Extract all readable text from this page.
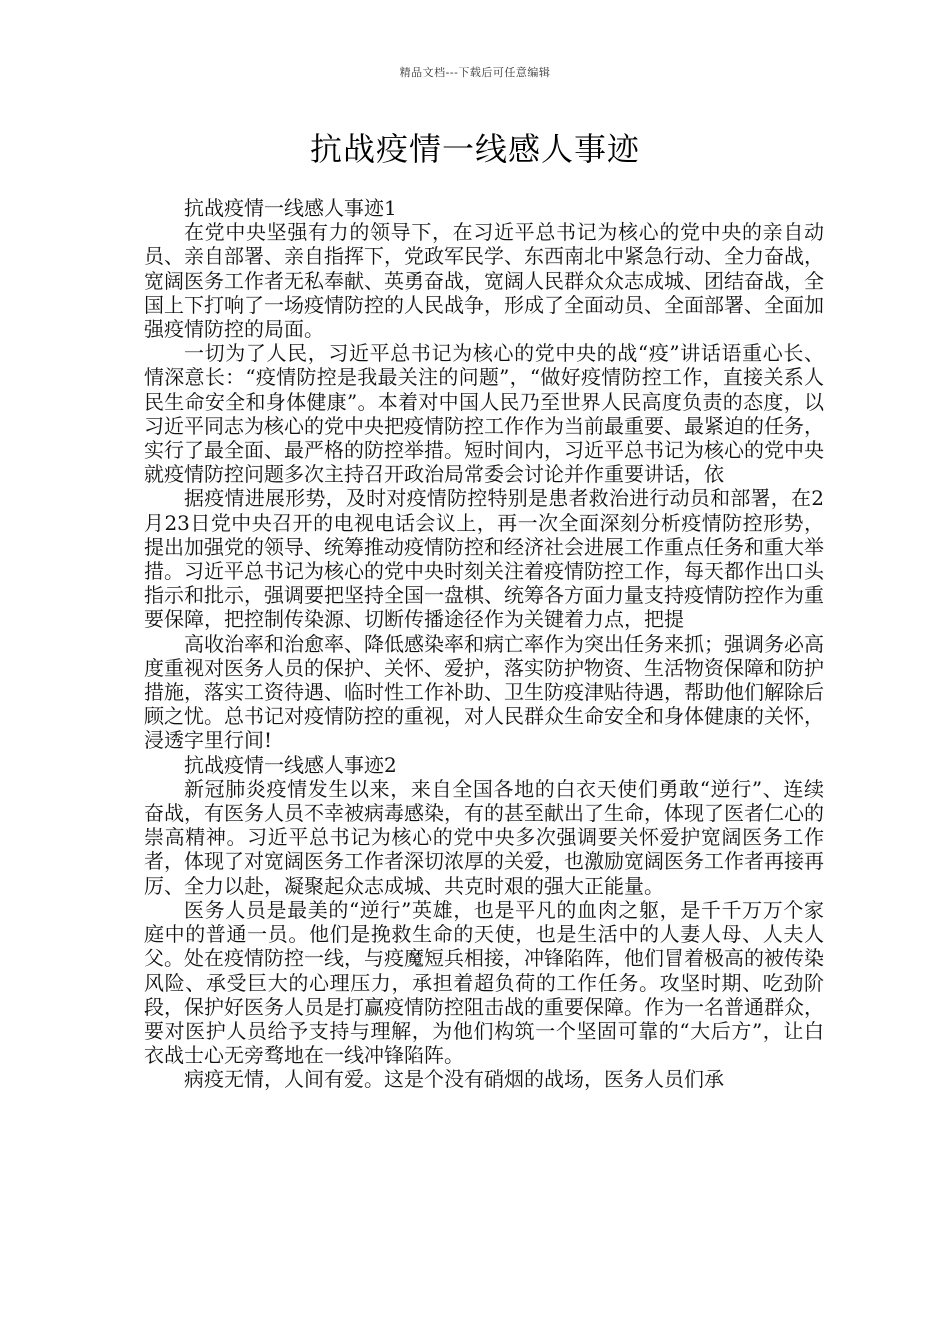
精品文档---下载后可任意编辑
抗战疫情一线感人事迹

抗战疫情一线感人事迹1

在党中央坚强有力的领导下，在习近平总书记为核心的党中央的亲自动员、亲自部署、亲自指挥下，党政军民学、东西南北中紧急行动、全力奋战，宽阔医务工作者无私奉献、英勇奋战，宽阔人民群众众志成城、团结奋战，全国上下打响了一场疫情防控的人民战争，形成了全面动员、全面部署、全面加强疫情防控的局面。

一切为了人民，习近平总书记为核心的党中央的战“疫”讲话语重心长、情深意长：“疫情防控是我最关注的问题”，“做好疫情防控工作，直接关系人民生命安全和身体健康”。本着对中国人民乃至世界人民高度负责的态度，以习近平同志为核心的党中央把疫情防控工作作为当前最重要、最紧迫的任务，实行了最全面、最严格的防控举措。短时间内，习近平总书记为核心的党中央就疫情防控问题多次主持召开政治局常委会讨论并作重要讲话，依

据疫情进展形势，及时对疫情防控特别是患者救治进行动员和部署，在2月23日党中央召开的电视电话会议上，再一次全面深刻分析疫情防控形势，提出加强党的领导、统筹推动疫情防控和经济社会进展工作重点任务和重大举措。习近平总书记为核心的党中央时刻关注着疫情防控工作，每天都作出口头指示和批示，强调要把坚持全国一盘棋、统筹各方面力量支持疫情防控作为重要保障，把控制传染源、切断传播途径作为关键着力点，把提

高收治率和治愈率、降低感染率和病亡率作为突出任务来抓；强调务必高度重视对医务人员的保护、关怀、爱护，落实防护物资、生活物资保障和防护措施，落实工资待遇、临时性工作补助、卫生防疫津贴待遇，帮助他们解除后顾之忧。总书记对疫情防控的重视，对人民群众生命安全和身体健康的关怀，浸透字里行间!

抗战疫情一线感人事迹2

新冠肺炎疫情发生以来，来自全国各地的白衣天使们勇敢“逆行”、连续奋战，有医务人员不幸被病毒感染，有的甚至献出了生命，体现了医者仁心的崇高精神。习近平总书记为核心的党中央多次强调要关怀爱护宽阔医务工作者，体现了对宽阔医务工作者深切浓厚的关爱，也激励宽阔医务工作者再接再厉、全力以赴，凝聚起众志成城、共克时艰的强大正能量。

医务人员是最美的“逆行”英雄，也是平凡的血肉之躯，是千千万万个家庭中的普通一员。他们是挽救生命的天使，也是生活中的人妻人母、人夫人父。处在疫情防控一线，与疫魔短兵相接，冲锋陷阵，他们冒着极高的被传染风险、承受巨大的心理压力，承担着超负荷的工作任务。攻坚时期、吃劲阶段，保护好医务人员是打赢疫情防控阻击战的重要保障。作为一名普通群众，要对医护人员给予支持与理解，为他们构筑一个坚固可靠的“大后方”，让白衣战士心无旁骛地在一线冲锋陷阵。

病疫无情，人间有爱。这是个没有硝烟的战场，医务人员们承
